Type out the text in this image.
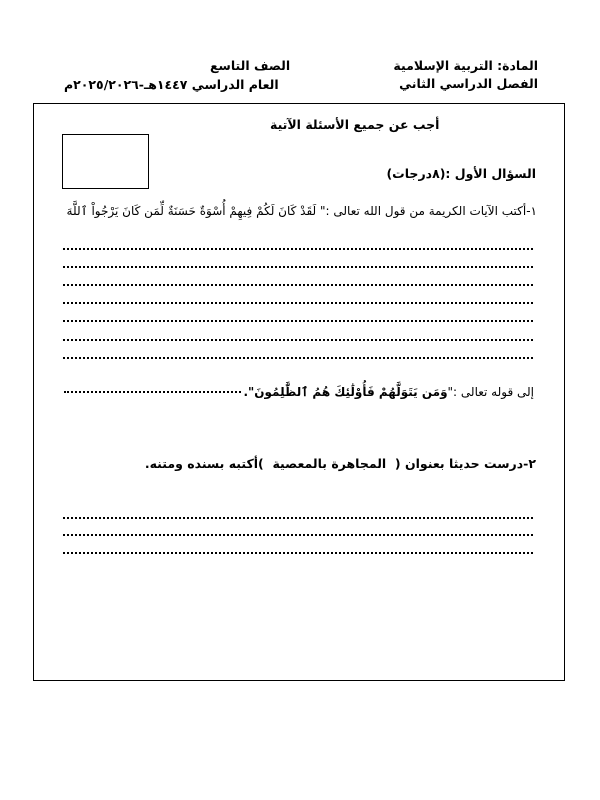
المادة: التربية الإسلامية
الفصل الدراسي الثاني
الصف التاسع
العام الدراسي ١٤٤٧هـ-٢٠٢٥/٢٠٢٦م
أجب عن جميع الأسئلة الآتية
السؤال الأول :(٨درجات)
١-أكتب الآيات الكريمة من قول الله تعالى :" لَقَدْ كَانَ لَكُمْ فِيهِمْ أُسْوَةٌ حَسَنَةٌ لِّمَن كَانَ يَرْجُواْ ٱللَّهَ
إلى قوله تعالى :"
وَمَن يَتَوَلَّهُمْ فَأُوْلَٰئِكَ هُمُ ٱلظَّٰلِمُونَ".
٢-درست حديثا بعنوان (  المجاهرة بالمعصية  )أكتبه بسنده ومتنه.
